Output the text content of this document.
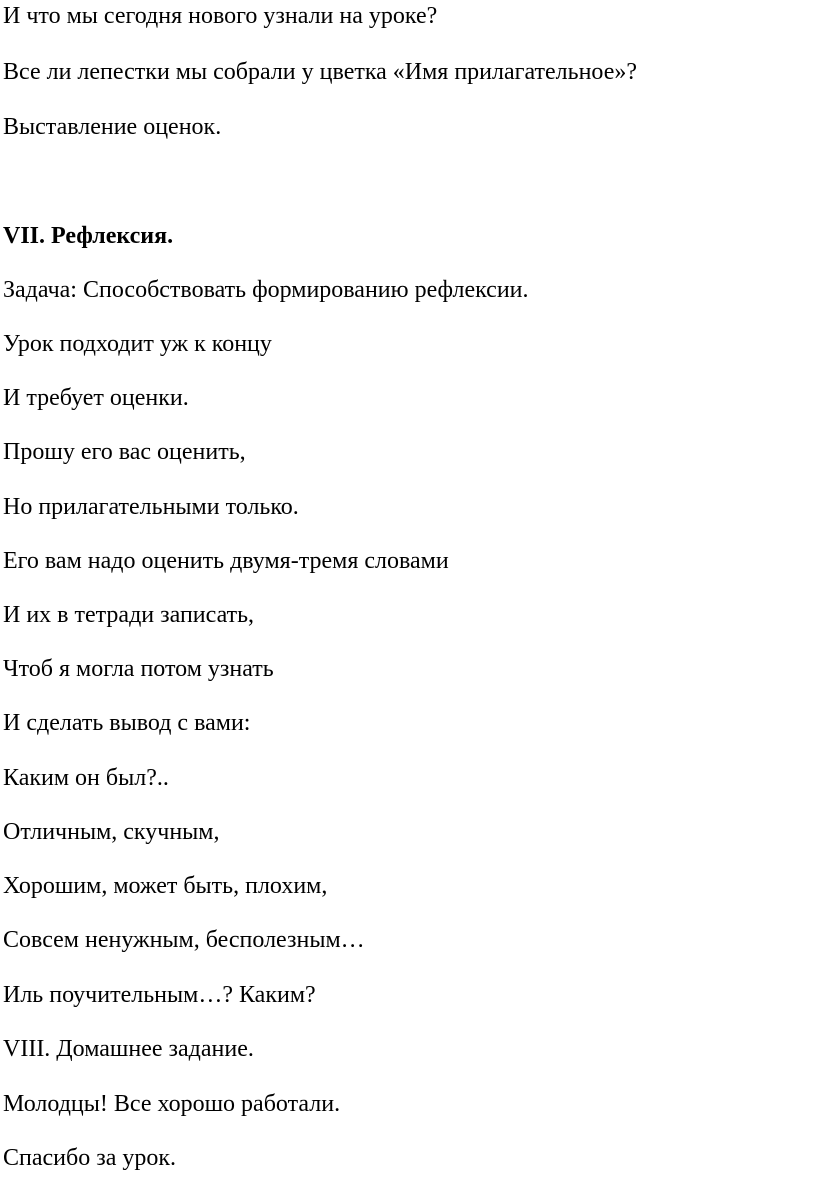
И что мы сегодня нового узнали на уроке?

Все ли лепестки мы собрали у цветка «Имя прилагательное»?

Выставление оценок.

VII. Рефлексия.

Задача: Способствовать формированию рефлексии.

Урок подходит уж к концу

И требует оценки.

Прошу его вас оценить,

Но прилагательными только.

Его вам надо оценить двумя-тремя словами

И их в тетради записать,

Чтоб я могла потом узнать

И сделать вывод с вами:

Каким он был?..

Отличным, скучным,

Хорошим, может быть, плохим,

Совсем ненужным, бесполезным…

Иль поучительным…? Каким?

VIII. Домашнее задание.

Молодцы! Все хорошо работали.

Спасибо за урок.
